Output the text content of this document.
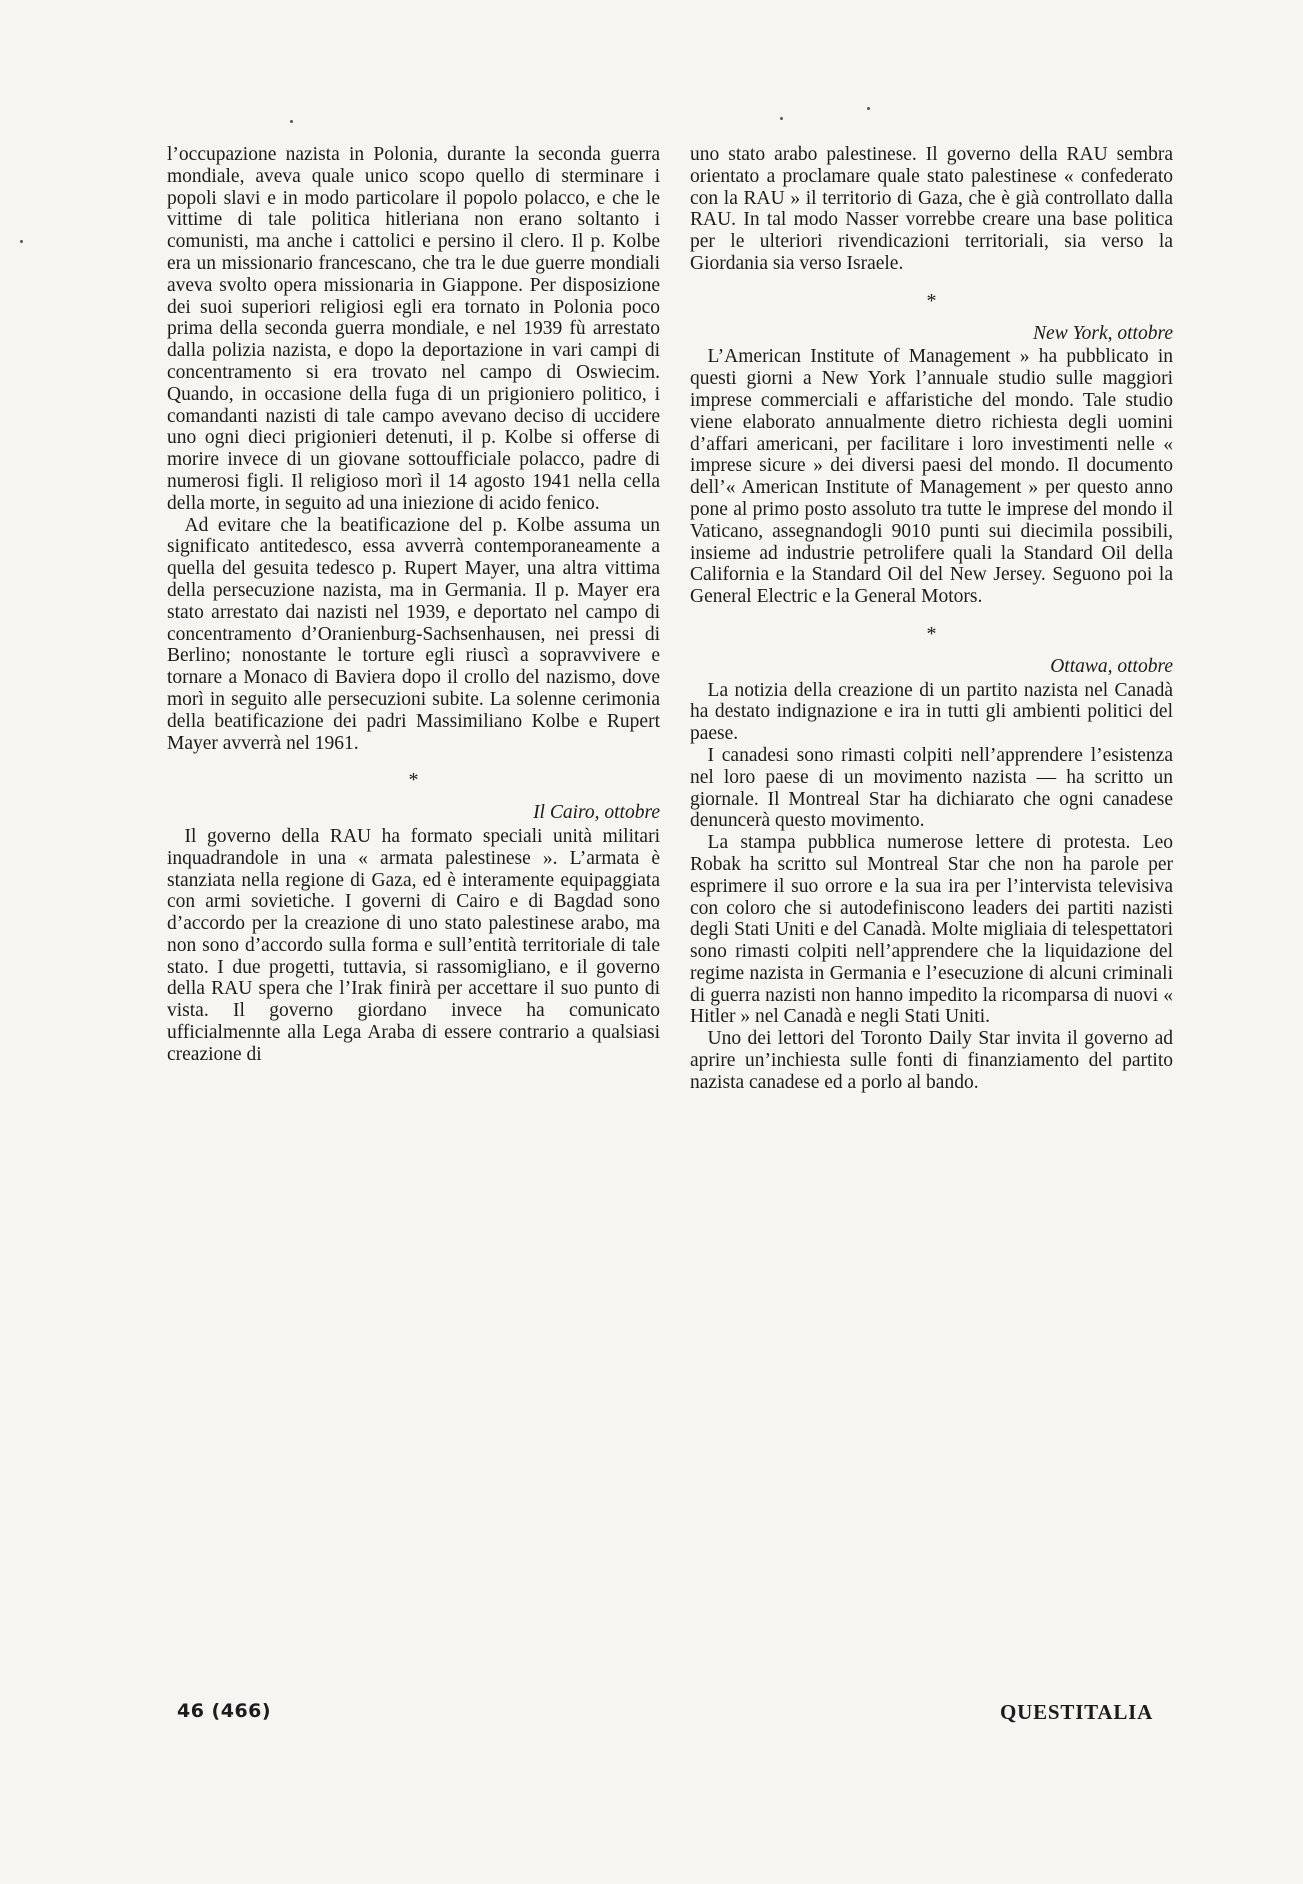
l’occupazione nazista in Polonia, durante la seconda guerra mondiale, aveva quale unico scopo quello di sterminare i popoli slavi e in modo particolare il popolo polacco, e che le vittime di tale politica hitleriana non erano soltanto i comunisti, ma anche i cattolici e persino il clero. Il p. Kolbe era un missionario francescano, che tra le due guerre mondiali aveva svolto opera missionaria in Giappone. Per disposizione dei suoi superiori religiosi egli era tornato in Polonia poco prima della seconda guerra mondiale, e nel 1939 fù arrestato dalla polizia nazista, e dopo la deportazione in vari campi di concentramento si era trovato nel campo di Oswiecim. Quando, in occasione della fuga di un prigioniero politico, i comandanti nazisti di tale campo avevano deciso di uccidere uno ogni dieci prigionieri detenuti, il p. Kolbe si offerse di morire invece di un giovane sottoufficiale polacco, padre di numerosi figli. Il religioso morì il 14 agosto 1941 nella cella della morte, in seguito ad una iniezione di acido fenico.

Ad evitare che la beatificazione del p. Kolbe assuma un significato antitedesco, essa avverrà contemporaneamente a quella del gesuita tedesco p. Rupert Mayer, una altra vittima della persecuzione nazista, ma in Germania. Il p. Mayer era stato arrestato dai nazisti nel 1939, e deportato nel campo di concentramento d’Oranienburg-Sachsenhausen, nei pressi di Berlino; nonostante le torture egli riuscì a sopravvivere e tornare a Monaco di Baviera dopo il crollo del nazismo, dove morì in seguito alle persecuzioni subite. La solenne cerimonia della beatificazione dei padri Massimiliano Kolbe e Rupert Mayer avverrà nel 1961.

*
Il Cairo, ottobre

Il governo della RAU ha formato speciali unità militari inquadrandole in una « armata palestinese ». L’armata è stanziata nella regione di Gaza, ed è interamente equipaggiata con armi sovietiche. I governi di Cairo e di Bagdad sono d’accordo per la creazione di uno stato palestinese arabo, ma non sono d’accordo sulla forma e sull’entità territoriale di tale stato. I due progetti, tuttavia, si rassomigliano, e il governo della RAU spera che l’Irak finirà per accettare il suo punto di vista. Il governo giordano invece ha comunicato ufficialmennte alla Lega Araba di essere contrario a qualsiasi creazione di

uno stato arabo palestinese. Il governo della RAU sembra orientato a proclamare quale stato palestinese « confederato con la RAU » il territorio di Gaza, che è già controllato dalla RAU. In tal modo Nasser vorrebbe creare una base politica per le ulteriori rivendicazioni territoriali, sia verso la Giordania sia verso Israele.

*
New York, ottobre

L’American Institute of Management » ha pubblicato in questi giorni a New York l’annuale studio sulle maggiori imprese commerciali e affaristiche del mondo. Tale studio viene elaborato annualmente dietro richiesta degli uomini d’affari americani, per facilitare i loro investimenti nelle « imprese sicure » dei diversi paesi del mondo. Il documento dell’« American Institute of Management » per questo anno pone al primo posto assoluto tra tutte le imprese del mondo il Vaticano, assegnandogli 9010 punti sui diecimila possibili, insieme ad industrie petrolifere quali la Standard Oil della California e la Standard Oil del New Jersey. Seguono poi la General Electric e la General Motors.

*
Ottawa, ottobre

La notizia della creazione di un partito nazista nel Canadà ha destato indignazione e ira in tutti gli ambienti politici del paese.

I canadesi sono rimasti colpiti nell’apprendere l’esistenza nel loro paese di un movimento nazista — ha scritto un giornale. Il Montreal Star ha dichiarato che ogni canadese denuncerà questo movimento.

La stampa pubblica numerose lettere di protesta. Leo Robak ha scritto sul Montreal Star che non ha parole per esprimere il suo orrore e la sua ira per l’intervista televisiva con coloro che si autodefiniscono leaders dei partiti nazisti degli Stati Uniti e del Canadà. Molte migliaia di telespettatori sono rimasti colpiti nell’apprendere che la liquidazione del regime nazista in Germania e l’esecuzione di alcuni criminali di guerra nazisti non hanno impedito la ricomparsa di nuovi « Hitler » nel Canadà e negli Stati Uniti.

Uno dei lettori del Toronto Daily Star invita il governo ad aprire un’inchiesta sulle fonti di finanziamento del partito nazista canadese ed a porlo al bando.

46 (466)	QUESTITALIA
